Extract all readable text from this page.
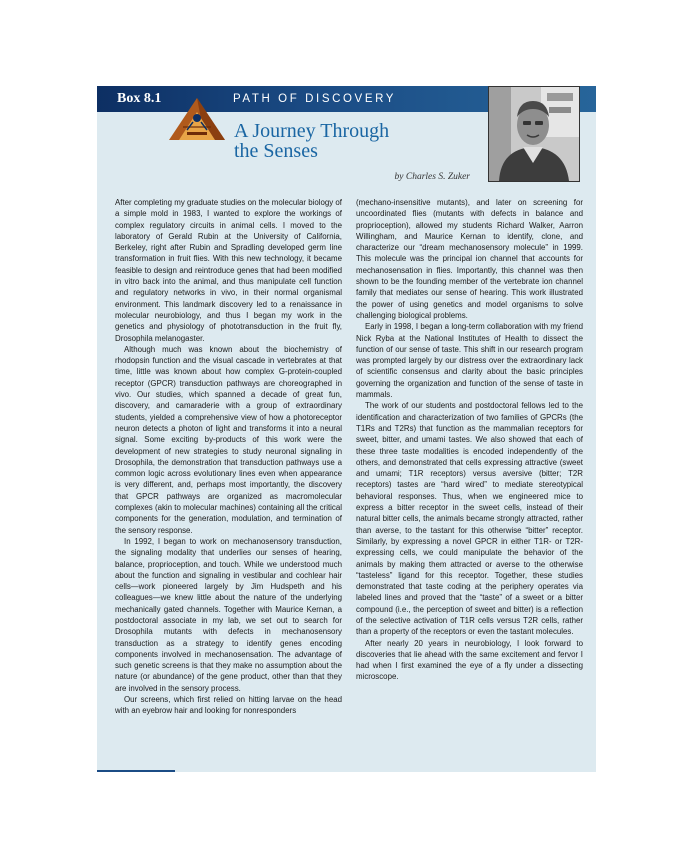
Box 8.1	PATH OF DISCOVERY
A Journey Through
the Senses
by Charles S. Zuker

After completing my graduate studies on the molecular biology of a simple mold in 1983, I wanted to explore the workings of complex regulatory circuits in animal cells. I moved to the laboratory of Gerald Rubin at the University of California, Berkeley, right after Rubin and Spradling developed germ line transformation in fruit flies. With this new technology, it became feasible to design and reintroduce genes that had been modified in vitro back into the animal, and thus manipulate cell function and regulatory networks in vivo, in their normal organismal environment. This landmark discovery led to a renaissance in molecular neurobiology, and thus I began my work in the genetics and physiology of phototransduction in the fruit fly, Drosophila melanogaster.

Although much was known about the biochemistry of rhodopsin function and the visual cascade in vertebrates at that time, little was known about how complex G-protein-coupled receptor (GPCR) transduction pathways are choreographed in vivo. Our studies, which spanned a decade of great fun, discovery, and camaraderie with a group of extraordinary students, yielded a comprehensive view of how a photoreceptor neuron detects a photon of light and transforms it into a neural signal. Some exciting by-products of this work were the development of new strategies to study neuronal signaling in Drosophila, the demonstration that transduction pathways use a common logic across evolutionary lines even when appearance is very different, and, perhaps most importantly, the discovery that GPCR pathways are organized as macromolecular complexes (akin to molecular machines) containing all the critical components for the generation, modulation, and termination of the sensory response.

In 1992, I began to work on mechanosensory transduction, the signaling modality that underlies our senses of hearing, balance, proprioception, and touch. While we understood much about the function and signaling in vestibular and cochlear hair cells—work pioneered largely by Jim Hudspeth and his colleagues—we knew little about the nature of the underlying mechanically gated channels. Together with Maurice Kernan, a postdoctoral associate in my lab, we set out to search for Drosophila mutants with defects in mechanosensory transduction as a strategy to identify genes encoding components involved in mechanosensation. The advantage of such genetic screens is that they make no assumption about the nature (or abundance) of the gene product, other than that they are involved in the sensory process.

Our screens, which first relied on hitting larvae on the head with an eyebrow hair and looking for nonresponders

(mechano-insensitive mutants), and later on screening for uncoordinated flies (mutants with defects in balance and proprioception), allowed my students Richard Walker, Aarron Willingham, and Maurice Kernan to identify, clone, and characterize our “dream mechanosensory molecule” in 1999. This molecule was the principal ion channel that accounts for mechanosensation in flies. Importantly, this channel was then shown to be the founding member of the vertebrate ion channel family that mediates our sense of hearing. This work illustrated the power of using genetics and model organisms to solve challenging biological problems.

Early in 1998, I began a long-term collaboration with my friend Nick Ryba at the National Institutes of Health to dissect the function of our sense of taste. This shift in our research program was prompted largely by our distress over the extraordinary lack of scientific consensus and clarity about the basic principles governing the organization and function of the sense of taste in mammals.

The work of our students and postdoctoral fellows led to the identification and characterization of two families of GPCRs (the T1Rs and T2Rs) that function as the mammalian receptors for sweet, bitter, and umami tastes. We also showed that each of these three taste modalities is encoded independently of the others, and demonstrated that cells expressing attractive (sweet and umami; T1R receptors) versus aversive (bitter; T2R receptors) tastes are “hard wired” to mediate stereotypical behavioral responses. Thus, when we engineered mice to express a bitter receptor in the sweet cells, instead of their natural bitter cells, the animals became strongly attracted, rather than averse, to the tastant for this otherwise “bitter” receptor. Similarly, by expressing a novel GPCR in either T1R- or T2R-expressing cells, we could manipulate the behavior of the animals by making them attracted or averse to the otherwise “tasteless” ligand for this receptor. Together, these studies demonstrated that taste coding at the periphery operates via labeled lines and proved that the “taste” of a sweet or a bitter compound (i.e., the perception of sweet and bitter) is a reflection of the selective activation of T1R cells versus T2R cells, rather than a property of the receptors or even the tastant molecules.

After nearly 20 years in neurobiology, I look forward to discoveries that lie ahead with the same excitement and fervor I had when I first examined the eye of a fly under a dissecting microscope.
